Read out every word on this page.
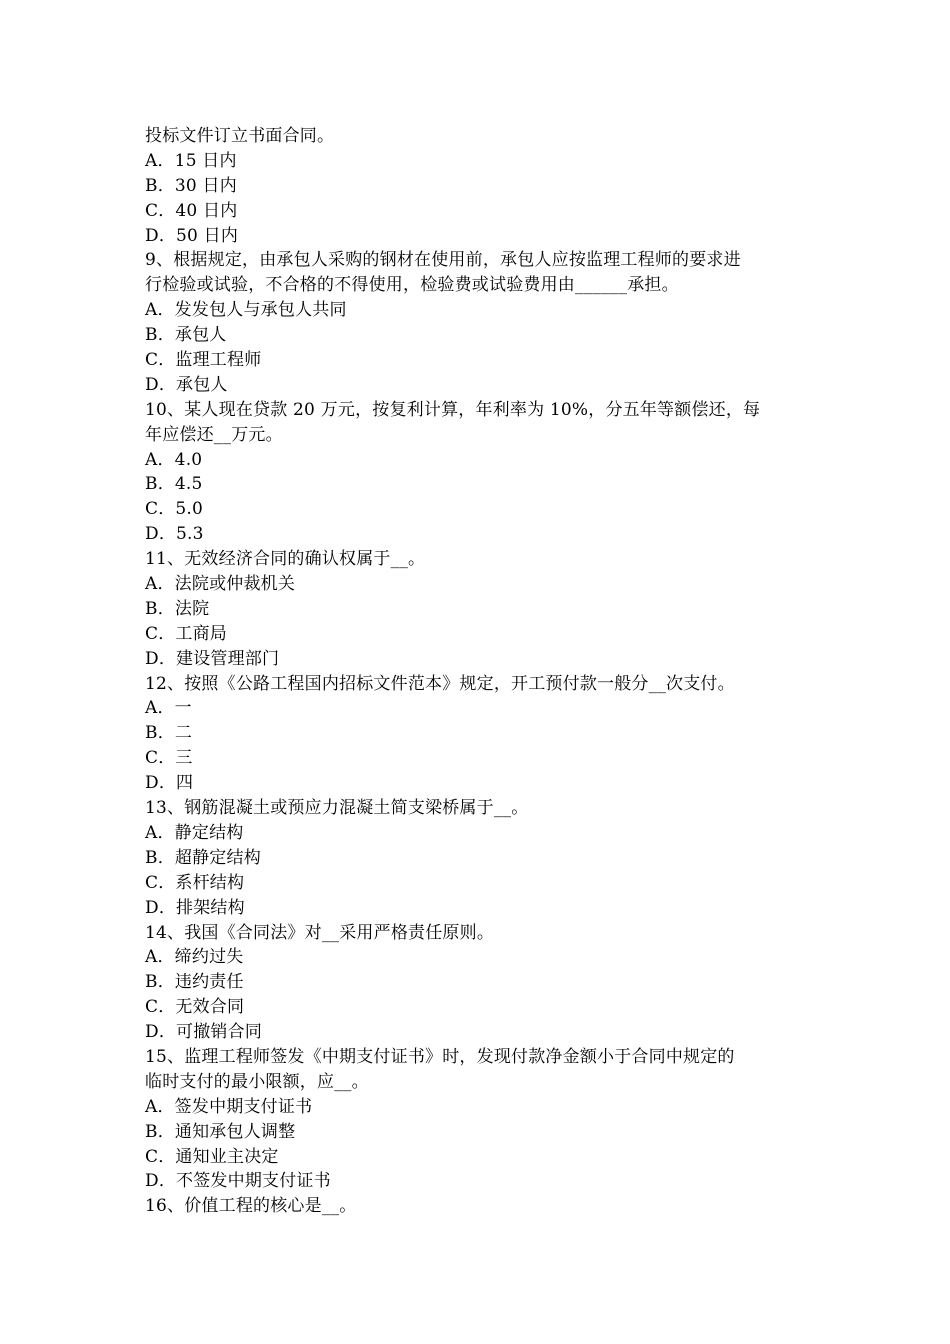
投标文件订立书面合同。
A．15 日内
B．30 日内
C．40 日内
D．50 日内
9、根据规定，由承包人采购的钢材在使用前，承包人应按监理工程师的要求进
行检验或试验，不合格的不得使用，检验费或试验费用由______承担。
A．发发包人与承包人共同
B．承包人
C．监理工程师
D．承包人
10、某人现在贷款 20 万元，按复利计算，年利率为 10%，分五年等额偿还，每
年应偿还__万元。
A．4.0
B．4.5
C．5.0
D．5.3
11、无效经济合同的确认权属于__。
A．法院或仲裁机关
B．法院
C．工商局
D．建设管理部门
12、按照《公路工程国内招标文件范本》规定，开工预付款一般分__次支付。
A．一
B．二
C．三
D．四
13、钢筋混凝土或预应力混凝土简支梁桥属于__。
A．静定结构
B．超静定结构
C．系杆结构
D．排架结构
14、我国《合同法》对__采用严格责任原则。
A．缔约过失
B．违约责任
C．无效合同
D．可撤销合同
15、监理工程师签发《中期支付证书》时，发现付款净金额小于合同中规定的
临时支付的最小限额，应__。
A．签发中期支付证书
B．通知承包人调整
C．通知业主决定
D．不签发中期支付证书
16、价值工程的核心是__。
